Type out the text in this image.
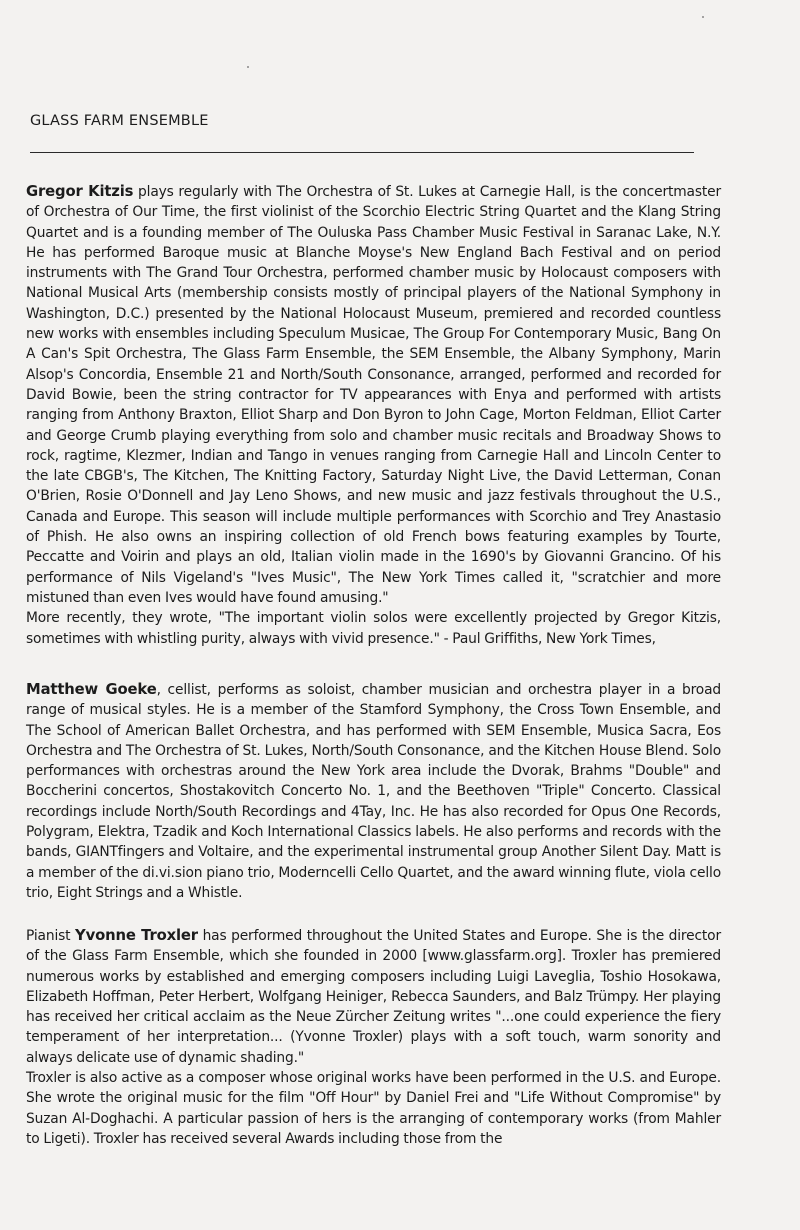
GLASS FARM ENSEMBLE

Gregor Kitzis plays regularly with The Orchestra of St. Lukes at Carnegie Hall, is the concertmaster of Orchestra of Our Time, the first violinist of the Scorchio Electric String Quartet and the Klang String Quartet and is a founding member of The Ouluska Pass Chamber Music Festival in Saranac Lake, N.Y. He has performed Baroque music at Blanche Moyse's New England Bach Festival and on period instruments with The Grand Tour Orchestra, performed chamber music by Holocaust composers with National Musical Arts (membership consists mostly of principal players of the National Symphony in Washington, D.C.) presented by the National Holocaust Museum, premiered and recorded countless new works with ensembles including Speculum Musicae, The Group For Contemporary Music, Bang On A Can's Spit Orchestra, The Glass Farm Ensemble, the SEM Ensemble, the Albany Symphony, Marin Alsop's Concordia, Ensemble 21 and North/South Consonance, arranged, performed and recorded for David Bowie, been the string contractor for TV appearances with Enya and performed with artists ranging from Anthony Braxton, Elliot Sharp and Don Byron to John Cage, Morton Feldman, Elliot Carter and George Crumb playing everything from solo and chamber music recitals and Broadway Shows to rock, ragtime, Klezmer, Indian and Tango in venues ranging from Carnegie Hall and Lincoln Center to the late CBGB's, The Kitchen, The Knitting Factory, Saturday Night Live, the David Letterman, Conan O'Brien, Rosie O'Donnell and Jay Leno Shows, and new music and jazz festivals throughout the U.S., Canada and Europe. This season will include multiple performances with Scorchio and Trey Anastasio of Phish. He also owns an inspiring collection of old French bows featuring examples by Tourte, Peccatte and Voirin and plays an old, Italian violin made in the 1690's by Giovanni Grancino. Of his performance of Nils Vigeland's "Ives Music", The New York Times called it, "scratchier and more mistuned than even Ives would have found amusing."

More recently, they wrote, "The important violin solos were excellently projected by Gregor Kitzis, sometimes with whistling purity, always with vivid presence." - Paul Griffiths, New York Times,

Matthew Goeke, cellist, performs as soloist, chamber musician and orchestra player in a broad range of musical styles. He is a member of the Stamford Symphony, the Cross Town Ensemble, and The School of American Ballet Orchestra, and has performed with SEM Ensemble, Musica Sacra, Eos Orchestra and The Orchestra of St. Lukes, North/South Consonance, and the Kitchen House Blend. Solo performances with orchestras around the New York area include the Dvorak, Brahms "Double" and Boccherini concertos, Shostakovitch Concerto No. 1, and the Beethoven "Triple" Concerto. Classical recordings include North/South Recordings and 4Tay, Inc. He has also recorded for Opus One Records, Polygram, Elektra, Tzadik and Koch International Classics labels. He also performs and records with the bands, GIANTfingers and Voltaire, and the experimental instrumental group Another Silent Day. Matt is a member of the di.vi.sion piano trio, Moderncelli Cello Quartet, and the award winning flute, viola cello trio, Eight Strings and a Whistle.

Pianist Yvonne Troxler has performed throughout the United States and Europe. She is the director of the Glass Farm Ensemble, which she founded in 2000 [www.glassfarm.org]. Troxler has premiered numerous works by established and emerging composers including Luigi Laveglia, Toshio Hosokawa, Elizabeth Hoffman, Peter Herbert, Wolfgang Heiniger, Rebecca Saunders, and Balz Trümpy. Her playing has received her critical acclaim as the Neue Zürcher Zeitung writes "...one could experience the fiery temperament of her interpretation... (Yvonne Troxler) plays with a soft touch, warm sonority and always delicate use of dynamic shading."

Troxler is also active as a composer whose original works have been performed in the U.S. and Europe. She wrote the original music for the film "Off Hour" by Daniel Frei and "Life Without Compromise" by Suzan Al-Doghachi. A particular passion of hers is the arranging of contemporary works (from Mahler to Ligeti). Troxler has received several Awards including those from the
